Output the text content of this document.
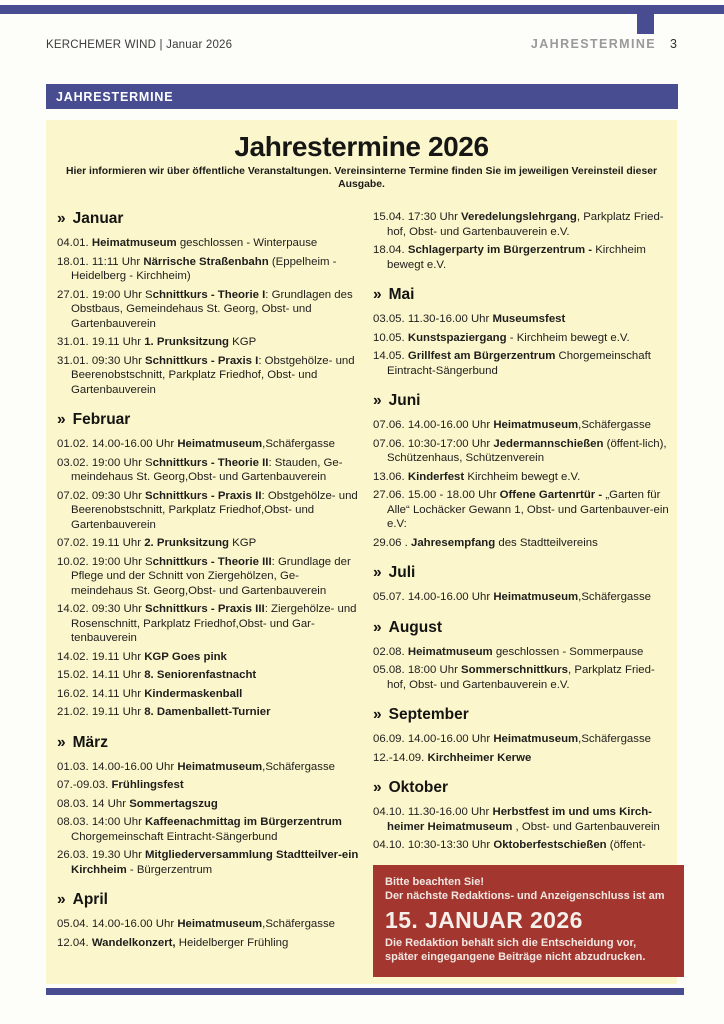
KERCHEMER WIND | Januar 2026	JAHRESTERMINE 3
JAHRESTERMINE
Jahrestermine 2026

Hier informieren wir über öffentliche Veranstaltungen. Vereinsinterne Termine finden Sie im jeweiligen Vereinsteil dieser Ausgabe.

» Januar

04.01. Heimatmuseum geschlossen - Winterpause

18.01. 11:11 Uhr Närrische Straßenbahn (Eppelheim - Heidelberg - Kirchheim)

27.01. 19:00 Uhr Schnittkurs - Theorie I: Grundlagen des Obstbaus, Gemeindehaus St. Georg, Obst- und Gartenbauverein

31.01. 19.11 Uhr 1. Prunksitzung KGP

31.01. 09:30 Uhr Schnittkurs - Praxis I: Obstgehölze- und Beerenobstschnitt, Parkplatz Friedhof, Obst- und Gartenbauverein

» Februar

01.02. 14.00-16.00 Uhr Heimatmuseum,Schäfergasse

03.02. 19:00 Uhr Schnittkurs - Theorie II: Stauden, Ge-meindehaus St. Georg,Obst- und Gartenbauverein

07.02. 09:30 Uhr Schnittkurs - Praxis II: Obstgehölze- und Beerenobstschnitt, Parkplatz Friedhof,Obst- und Gartenbauverein

07.02. 19.11 Uhr 2. Prunksitzung KGP

10.02. 19:00 Uhr Schnittkurs - Theorie III: Grundlage der Pflege und der Schnitt von Ziergehölzen, Ge-meindehaus St. Georg,Obst- und Gartenbauverein

14.02. 09:30 Uhr Schnittkurs - Praxis III: Ziergehölze- und Rosenschnitt, Parkplatz Friedhof,Obst- und Gar-tenbauverein

14.02. 19.11 Uhr KGP Goes pink

15.02. 14.11 Uhr 8. Seniorenfastnacht

16.02. 14.11 Uhr Kindermaskenball

21.02. 19.11 Uhr 8. Damenballett-Turnier

» März

01.03. 14.00-16.00 Uhr Heimatmuseum,Schäfergasse

07.-09.03. Frühlingsfest

08.03. 14 Uhr Sommertagszug

08.03. 14:00 Uhr Kaffeenachmittag im Bürgerzentrum Chorgemeinschaft Eintracht-Sängerbund

26.03. 19.30 Uhr Mitgliederversammlung Stadtteilver-ein Kirchheim - Bürgerzentrum

» April

05.04. 14.00-16.00 Uhr Heimatmuseum,Schäfergasse

12.04. Wandelkonzert, Heidelberger Frühling

15.04. 17:30 Uhr Veredelungslehrgang, Parkplatz Fried-hof, Obst- und Gartenbauverein e.V.

18.04. Schlagerparty im Bürgerzentrum - Kirchheim bewegt e.V.

» Mai

03.05. 11.30-16.00 Uhr Museumsfest

10.05. Kunstspaziergang - Kirchheim bewegt e.V.

14.05. Grillfest am Bürgerzentrum Chorgemeinschaft Eintracht-Sängerbund

» Juni

07.06. 14.00-16.00 Uhr Heimatmuseum,Schäfergasse

07.06. 10:30-17:00 Uhr Jedermannschießen (öffent-lich), Schützenhaus, Schützenverein

13.06. Kinderfest Kirchheim bewegt e.V.

27.06. 15.00 - 18.00 Uhr Offene Gartenrtür - „Garten für Alle“ Lochäcker Gewann 1, Obst- und Gartenbauver-ein e.V:

29.06 . Jahresempfang des Stadtteilvereins

» Juli

05.07. 14.00-16.00 Uhr Heimatmuseum,Schäfergasse

» August

02.08. Heimatmuseum geschlossen - Sommerpause

05.08. 18:00 Uhr Sommerschnittkurs, Parkplatz Fried-hof, Obst- und Gartenbauverein e.V.

» September

06.09. 14.00-16.00 Uhr Heimatmuseum,Schäfergasse

12.-14.09. Kirchheimer Kerwe

» Oktober

04.10. 11.30-16.00 Uhr Herbstfest im und ums Kirch-heimer Heimatmuseum , Obst- und Gartenbauverein

04.10. 10:30-13:30 Uhr Oktoberfestschießen (öffent-

Bitte beachten Sie!
Der nächste Redaktions- und Anzeigenschluss ist am
15. JANUAR 2026
Die Redaktion behält sich die Entscheidung vor, später eingegangene Beiträge nicht abzudrucken.
